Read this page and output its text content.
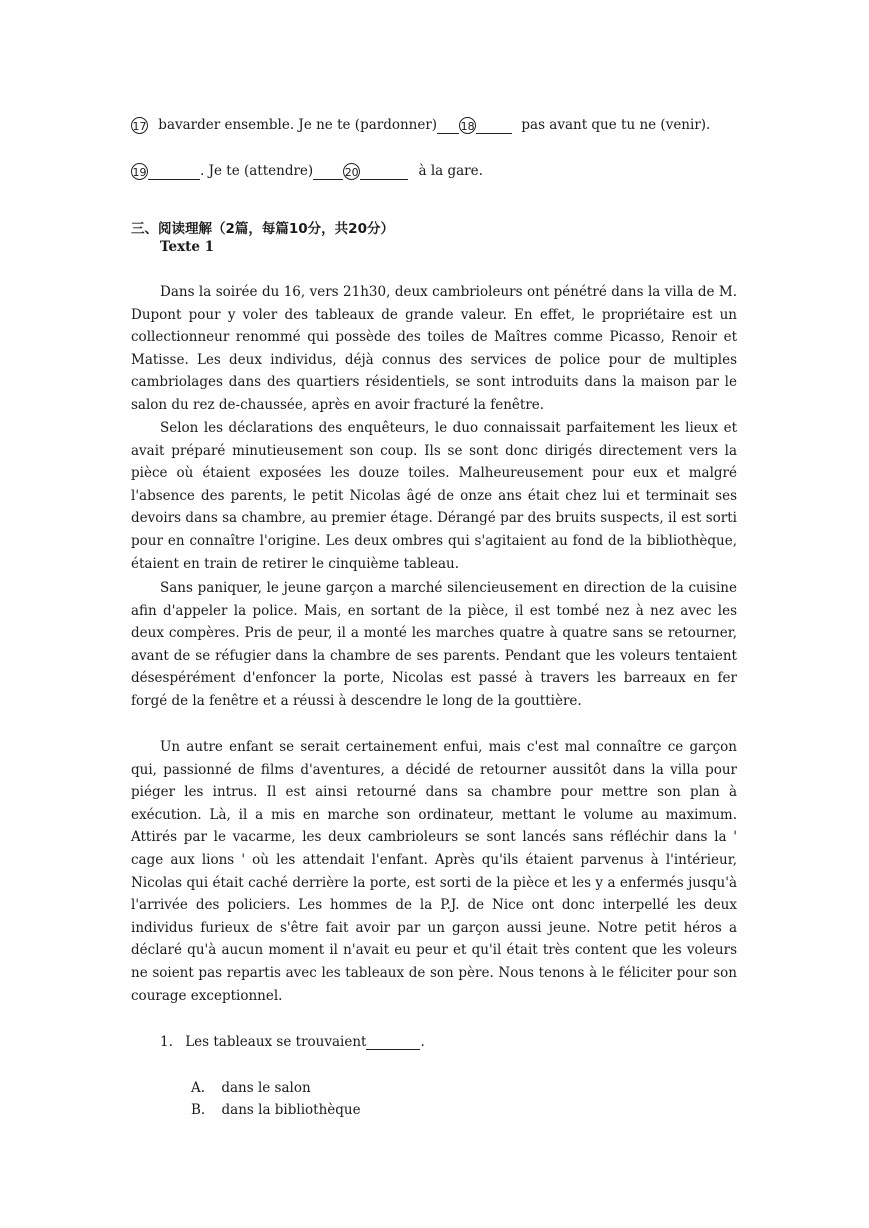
17 bavarder ensemble. Je ne te (pardonner) 18	pas avant que tu ne (venir).
19	. Je te (attendre)	20	à la gare.
三、阅读理解（2篇，每篇10分，共20分）
Texte 1
Dans la soirée du 16, vers 21h30, deux cambrioleurs ont pénétré dans la villa de M. Dupont pour y voler des tableaux de grande valeur. En effet, le propriétaire est un collectionneur renommé qui possède des toiles de Maîtres comme Picasso, Renoir et Matisse. Les deux individus, déjà connus des services de police pour de multiples cambriolages dans des quartiers résidentiels, se sont introduits dans la maison par le salon du rez de-chaussée, après en avoir fracturé la fenêtre.
Selon les déclarations des enquêteurs, le duo connaissait parfaitement les lieux et avait préparé minutieusement son coup. Ils se sont donc dirigés directement vers la pièce où étaient exposées les douze toiles. Malheureusement pour eux et malgré l'absence des parents, le petit Nicolas âgé de onze ans était chez lui et terminait ses devoirs dans sa chambre, au premier étage. Dérangé par des bruits suspects, il est sorti pour en connaître l'origine. Les deux ombres qui s'agitaient au fond de la bibliothèque, étaient en train de retirer le cinquième tableau.
Sans paniquer, le jeune garçon a marché silencieusement en direction de la cuisine afin d'appeler la police. Mais, en sortant de la pièce, il est tombé nez à nez avec les deux compères. Pris de peur, il a monté les marches quatre à quatre sans se retourner, avant de se réfugier dans la chambre de ses parents. Pendant que les voleurs tentaient désespérément d'enfoncer la porte, Nicolas est passé à travers les barreaux en fer forgé de la fenêtre et a réussi à descendre le long de la gouttière.
Un autre enfant se serait certainement enfui, mais c'est mal connaître ce garçon qui, passionné de films d'aventures, a décidé de retourner aussitôt dans la villa pour piéger les intrus. Il est ainsi retourné dans sa chambre pour mettre son plan à exécution. Là, il a mis en marche son ordinateur, mettant le volume au maximum. Attirés par le vacarme, les deux cambrioleurs se sont lancés sans réfléchir dans la ' cage aux lions ' où les attendait l'enfant. Après qu'ils étaient parvenus à l'intérieur, Nicolas qui était caché derrière la porte, est sorti de la pièce et les y a enfermés jusqu'à l'arrivée des policiers. Les hommes de la P.J. de Nice ont donc interpellé les deux individus furieux de s'être fait avoir par un garçon aussi jeune. Notre petit héros a déclaré qu'à aucun moment il n'avait eu peur et qu'il était très content que les voleurs ne soient pas repartis avec les tableaux de son père. Nous tenons à le féliciter pour son courage exceptionnel.
1. Les tableaux se trouvaient	.
A. dans le salon
B. dans la bibliothèque
